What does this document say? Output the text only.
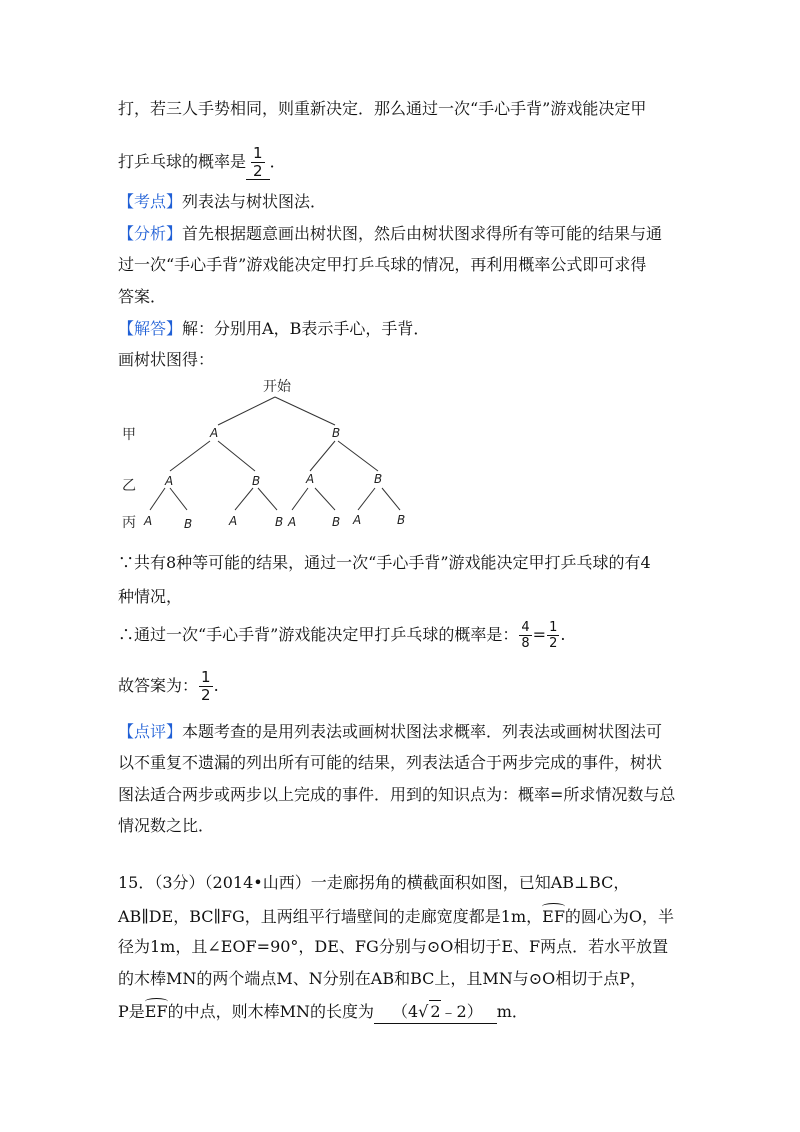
打，若三人手势相同，则重新决定．那么通过一次“手心手背”游戏能决定甲
打乒乓球的概率是 $\frac{1}{2}$ ．
【考点】列表法与树状图法．
【分析】首先根据题意画出树状图，然后由树状图求得所有等可能的结果与通
过一次“手心手背”游戏能决定甲打乒乓球的情况，再利用概率公式即可求得
答案．
【解答】解：分别用A，B表示手心，手背．
画树状图得：
开始
甲
乙
丙
A	B
A	B	A	B
A	B	A	B A	B A	B
∵共有8种等可能的结果，通过一次“手心手背”游戏能决定甲打乒乓球的有4
种情况，
∴通过一次“手心手背”游戏能决定甲打乒乓球的概率是： $\frac{4}{8} = \frac{1}{2}$ .
故答案为： $\frac{1}{2}$ .
【点评】本题考查的是用列表法或画树状图法求概率．列表法或画树状图法可
以不重复不遗漏的列出所有可能的结果，列表法适合于两步完成的事件，树状
图法适合两步或两步以上完成的事件．用到的知识点为：概率=所求情况数与总
情况数之比．
15．（3分）（2014•山西）一走廊拐角的横截面积如图，已知AB⊥BC，
AB∥DE，BC∥FG，且两组平行墙壁间的走廊宽度都是1m，EF的圆心为O，半
径为1m，且∠EOF=90°，DE、FG分别与⊙O相切于E、F两点．若水平放置
的木棒MN的两个端点M、N分别在AB和BC上，且MN与⊙O相切于点P，
P是EF的中点，则木棒MN的长度为 （4√ 2﹣2） m．
